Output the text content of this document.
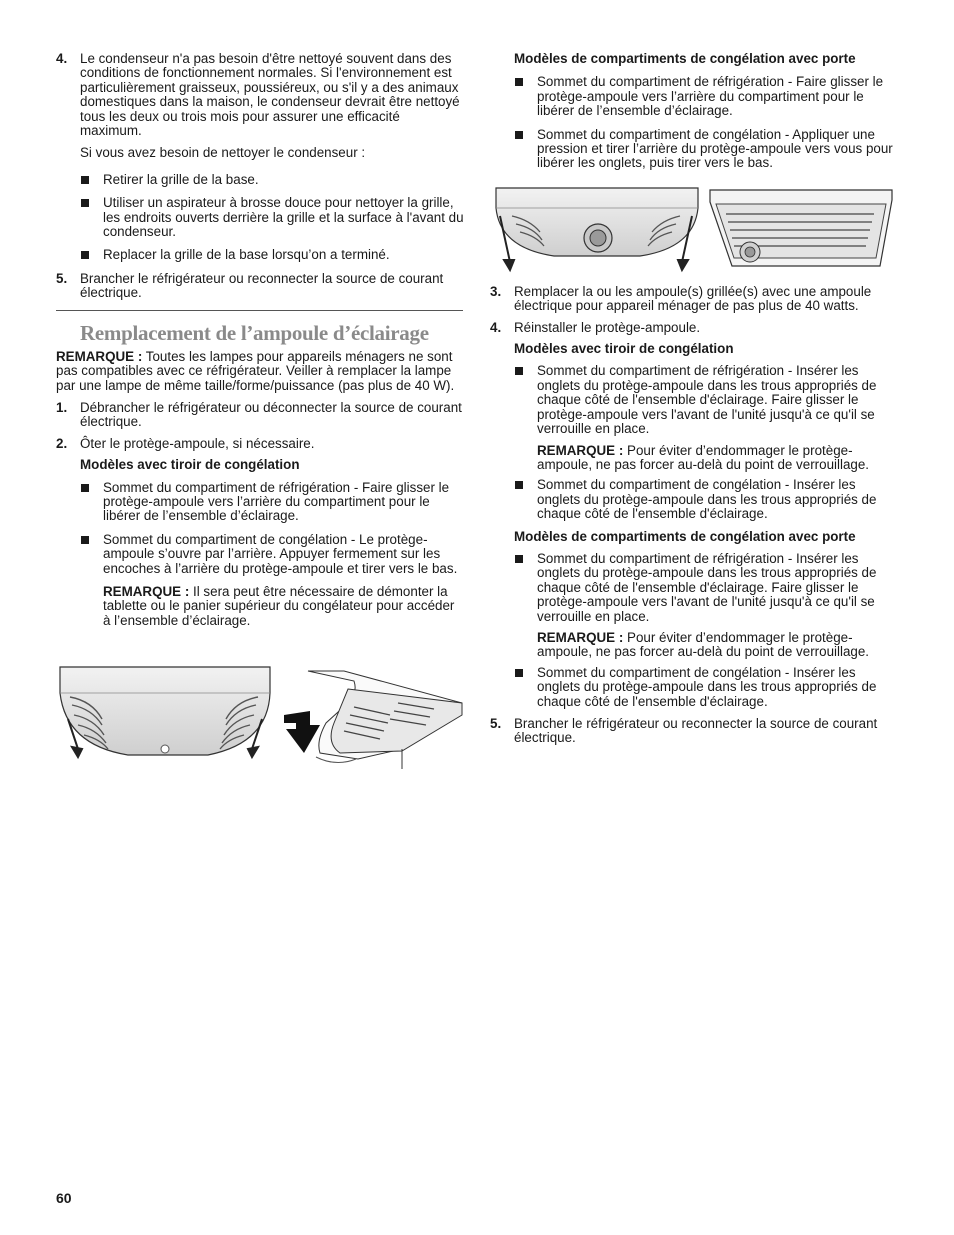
4. Le condenseur n'a pas besoin d'être nettoyé souvent dans des conditions de fonctionnement normales. Si l'environnement est particulièrement graisseux, poussiéreux, ou s'il y a des animaux domestiques dans la maison, le condenseur devrait être nettoyé tous les deux ou trois mois pour assurer une efficacité maximum.

Si vous avez besoin de nettoyer le condenseur :

Retirer la grille de la base.
Utiliser un aspirateur à brosse douce pour nettoyer la grille, les endroits ouverts derrière la grille et la surface à l'avant du condenseur.
Replacer la grille de la base lorsqu’on a terminé.
5. Brancher le réfrigérateur ou reconnecter la source de courant électrique.

Remplacement de l’ampoule d’éclairage

REMARQUE : Toutes les lampes pour appareils ménagers ne sont pas compatibles avec ce réfrigérateur. Veiller à remplacer la lampe par une lampe de même taille/forme/puissance (pas plus de 40 W).

1. Débrancher le réfrigérateur ou déconnecter la source de courant électrique.

2. Ôter le protège-ampoule, si nécessaire.

Modèles avec tiroir de congélation

Sommet du compartiment de réfrigération - Faire glisser le protège-ampoule vers l’arrière du compartiment pour le libérer de l’ensemble d’éclairage.
Sommet du compartiment de congélation - Le protège-ampoule s’ouvre par l’arrière. Appuyer fermement sur les encoches à l’arrière du protège-ampoule et tirer vers le bas.

REMARQUE : Il sera peut être nécessaire de démonter la tablette ou le panier supérieur du congélateur pour accéder à l’ensemble d’éclairage.

Modèles de compartiments de congélation avec porte

Sommet du compartiment de réfrigération - Faire glisser le protège-ampoule vers l’arrière du compartiment pour le libérer de l’ensemble d’éclairage.
Sommet du compartiment de congélation - Appliquer une pression et tirer l’arrière du protège-ampoule vers vous pour libérer les onglets, puis tirer vers le bas.
3. Remplacer la ou les ampoule(s) grillée(s) avec une ampoule électrique pour appareil ménager de pas plus de 40 watts.

4. Réinstaller le protège-ampoule.

Modèles avec tiroir de congélation

Sommet du compartiment de réfrigération - Insérer les onglets du protège-ampoule dans les trous appropriés de chaque côté de l'ensemble d'éclairage. Faire glisser le protège-ampoule vers l'avant de l'unité jusqu'à ce qu'il se verrouille en place.

REMARQUE : Pour éviter d’endommager le protège-ampoule, ne pas forcer au-delà du point de verrouillage.

Sommet du compartiment de congélation - Insérer les onglets du protège-ampoule dans les trous appropriés de chaque côté de l'ensemble d'éclairage.

Modèles de compartiments de congélation avec porte

Sommet du compartiment de réfrigération - Insérer les onglets du protège-ampoule dans les trous appropriés de chaque côté de l'ensemble d'éclairage. Faire glisser le protège-ampoule vers l'avant de l'unité jusqu'à ce qu'il se verrouille en place.

REMARQUE : Pour éviter d’endommager le protège-ampoule, ne pas forcer au-delà du point de verrouillage.

Sommet du compartiment de congélation - Insérer les onglets du protège-ampoule dans les trous appropriés de chaque côté de l'ensemble d'éclairage.
5. Brancher le réfrigérateur ou reconnecter la source de courant électrique.

60
